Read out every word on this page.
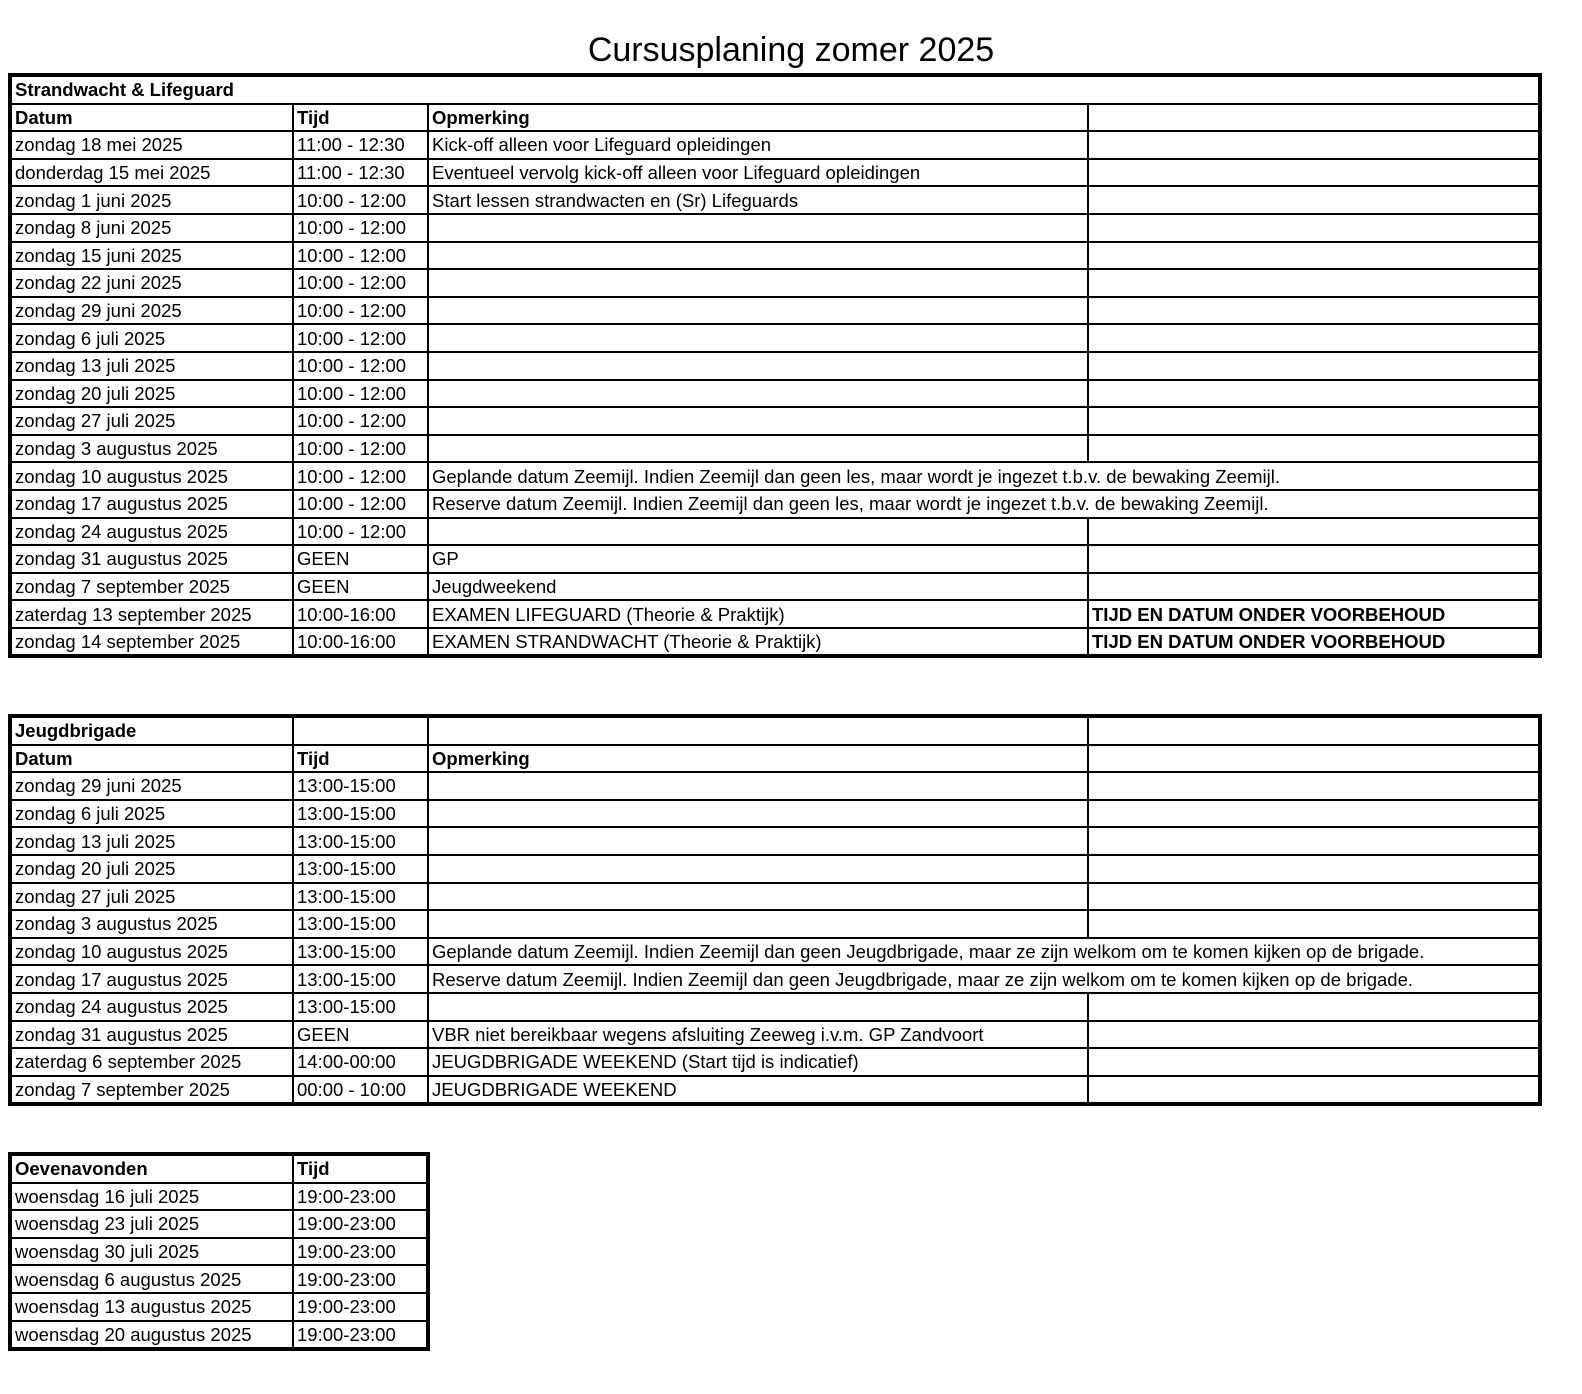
Cursusplaning zomer 2025
Strandwacht & Lifeguard			
Datum	Tijd	Opmerking	
zondag 18 mei 2025	11:00 - 12:30	Kick-off alleen voor Lifeguard opleidingen	
donderdag 15 mei 2025	11:00 - 12:30	Eventueel vervolg kick-off alleen voor Lifeguard opleidingen	
zondag 1 juni 2025	10:00 - 12:00	Start lessen strandwacten en (Sr) Lifeguards	
zondag 8 juni 2025	10:00 - 12:00		
zondag 15 juni 2025	10:00 - 12:00		
zondag 22 juni 2025	10:00 - 12:00		
zondag 29 juni 2025	10:00 - 12:00		
zondag 6 juli 2025	10:00 - 12:00		
zondag 13 juli 2025	10:00 - 12:00		
zondag 20 juli 2025	10:00 - 12:00		
zondag 27 juli 2025	10:00 - 12:00		
zondag 3 augustus 2025	10:00 - 12:00		
zondag 10 augustus 2025	10:00 - 12:00	Geplande datum Zeemijl. Indien Zeemijl dan geen les, maar wordt je ingezet t.b.v. de bewaking Zeemijl.	
zondag 17 augustus 2025	10:00 - 12:00	Reserve datum Zeemijl. Indien Zeemijl dan geen les, maar wordt je ingezet t.b.v. de bewaking Zeemijl.	
zondag 24 augustus 2025	10:00 - 12:00		
zondag 31 augustus 2025	GEEN	GP	
zondag 7 september 2025	GEEN	Jeugdweekend	
zaterdag 13 september 2025	10:00-16:00	EXAMEN LIFEGUARD (Theorie & Praktijk)	TIJD EN DATUM ONDER VOORBEHOUD
zondag 14 september 2025	10:00-16:00	EXAMEN STRANDWACHT (Theorie & Praktijk)	TIJD EN DATUM ONDER VOORBEHOUD
Jeugdbrigade			
Datum	Tijd	Opmerking	
zondag 29 juni 2025	13:00-15:00		
zondag 6 juli 2025	13:00-15:00		
zondag 13 juli 2025	13:00-15:00		
zondag 20 juli 2025	13:00-15:00		
zondag 27 juli 2025	13:00-15:00		
zondag 3 augustus 2025	13:00-15:00		
zondag 10 augustus 2025	13:00-15:00	Geplande datum Zeemijl. Indien Zeemijl dan geen Jeugdbrigade, maar ze zijn welkom om te komen kijken op de brigade.	
zondag 17 augustus 2025	13:00-15:00	Reserve datum Zeemijl. Indien Zeemijl dan geen Jeugdbrigade, maar ze zijn welkom om te komen kijken op de brigade.	
zondag 24 augustus 2025	13:00-15:00		
zondag 31 augustus 2025	GEEN	VBR niet bereikbaar wegens afsluiting Zeeweg i.v.m. GP Zandvoort	
zaterdag 6 september 2025	14:00-00:00	JEUGDBRIGADE WEEKEND (Start tijd is indicatief)	
zondag 7 september 2025	00:00 - 10:00	JEUGDBRIGADE WEEKEND	
Oevenavonden	Tijd
woensdag 16 juli 2025	19:00-23:00
woensdag 23 juli 2025	19:00-23:00
woensdag 30 juli 2025	19:00-23:00
woensdag 6 augustus 2025	19:00-23:00
woensdag 13 augustus 2025	19:00-23:00
woensdag 20 augustus 2025	19:00-23:00
